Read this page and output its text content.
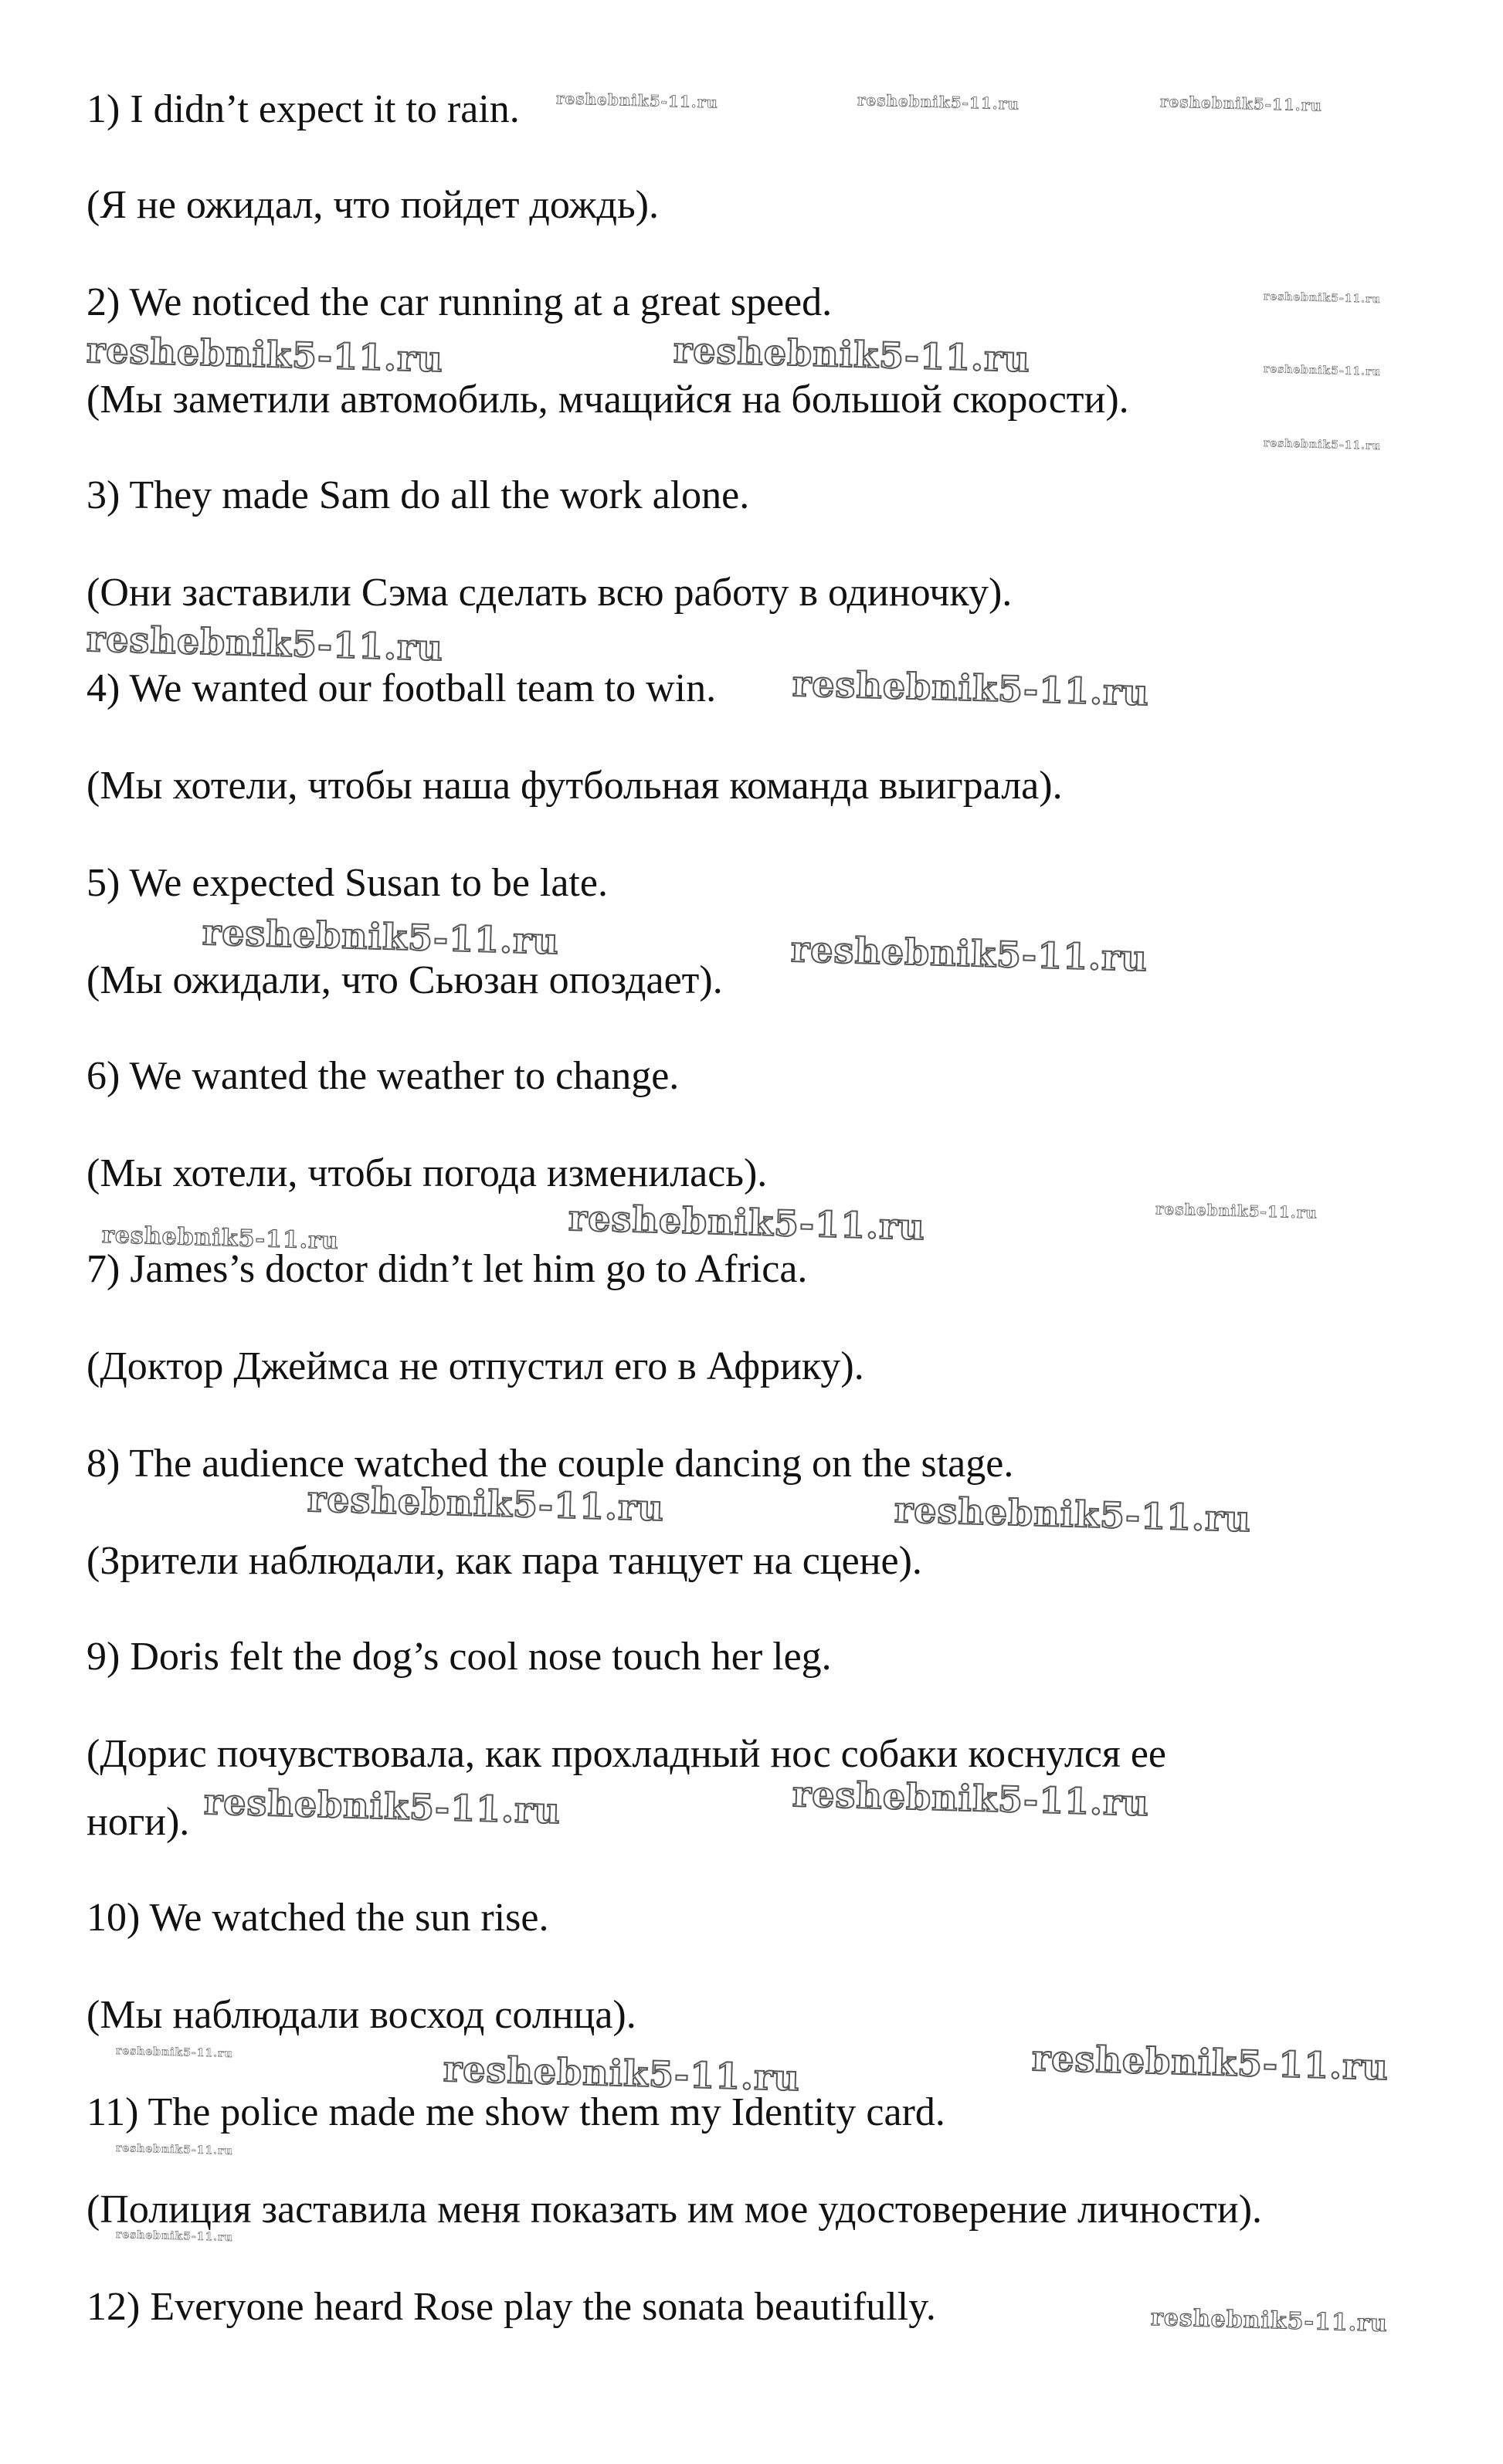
1) I didn’t expect it to rain.
(Я не ожидал, что пойдет дождь).
2) We noticed the car running at a great speed.
(Мы заметили автомобиль, мчащийся на большой скорости).
3) They made Sam do all the work alone.
(Они заставили Сэма сделать всю работу в одиночку).
4) We wanted our football team to win.
(Мы хотели, чтобы наша футбольная команда выиграла).
5) We expected Susan to be late.
(Мы ожидали, что Сьюзан опоздает).
6) We wanted the weather to change.
(Мы хотели, чтобы погода изменилась).
7) James’s doctor didn’t let him go to Africa.
(Доктор Джеймса не отпустил его в Африку).
8) The audience watched the couple dancing on the stage.
(Зрители наблюдали, как пара танцует на сцене).
9) Doris felt the dog’s cool nose touch her leg.
(Дорис почувствовала, как прохладный нос собаки коснулся ее
ноги).
10) We watched the sun rise.
(Мы наблюдали восход солнца).
11) The police made me show them my Identity card.
(Полиция заставила меня показать им мое удостоверение личности).
12) Everyone heard Rose play the sonata beautifully.
reshebnik5-11.ru	reshebnik5-11.ru	reshebnik5-11.ru
reshebnik5-11.ru
reshebnik5-11.ru	reshebnik5-11.ru	reshebnik5-11.ru
reshebnik5-11.ru
reshebnik5-11.ru
reshebnik5-11.ru
reshebnik5-11.ru	reshebnik5-11.ru
reshebnik5-11.ru	reshebnik5-11.ru	reshebnik5-11.ru
reshebnik5-11.ru	reshebnik5-11.ru
reshebnik5-11.ru	reshebnik5-11.ru
reshebnik5-11.ru	reshebnik5-11.ru	reshebnik5-11.ru
reshebnik5-11.ru
reshebnik5-11.ru
reshebnik5-11.ru
